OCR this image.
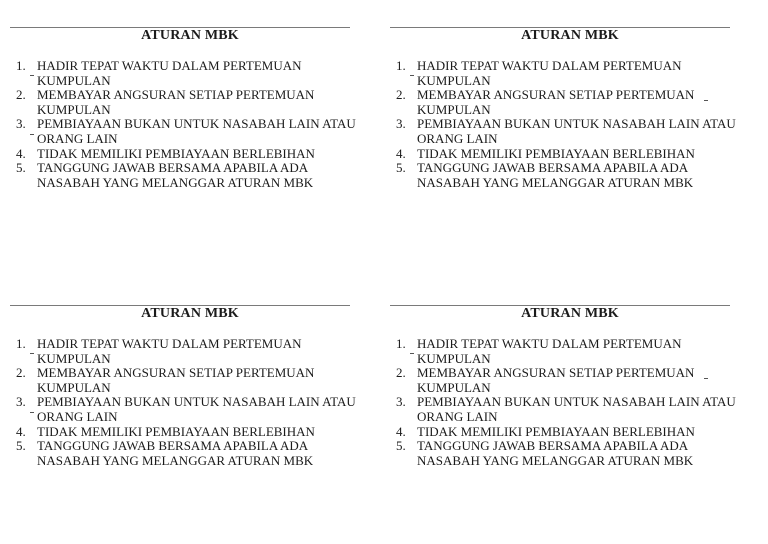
ATURAN MBK
1. HADIR TEPAT WAKTU DALAM PERTEMUAN
KUMPULAN
2. MEMBAYAR ANGSURAN SETIAP PERTEMUAN
KUMPULAN
3. PEMBIAYAAN BUKAN UNTUK NASABAH LAIN ATAU
ORANG LAIN
4. TIDAK MEMILIKI PEMBIAYAAN BERLEBIHAN
5. TANGGUNG JAWAB BERSAMA APABILA ADA
NASABAH YANG MELANGGAR ATURAN MBK
ATURAN MBK
1. HADIR TEPAT WAKTU DALAM PERTEMUAN
KUMPULAN
2. MEMBAYAR ANGSURAN SETIAP PERTEMUAN
KUMPULAN
3. PEMBIAYAAN BUKAN UNTUK NASABAH LAIN ATAU
ORANG LAIN
4. TIDAK MEMILIKI PEMBIAYAAN BERLEBIHAN
5. TANGGUNG JAWAB BERSAMA APABILA ADA
NASABAH YANG MELANGGAR ATURAN MBK
ATURAN MBK
1. HADIR TEPAT WAKTU DALAM PERTEMUAN
KUMPULAN
2. MEMBAYAR ANGSURAN SETIAP PERTEMUAN
KUMPULAN
3. PEMBIAYAAN BUKAN UNTUK NASABAH LAIN ATAU
ORANG LAIN
4. TIDAK MEMILIKI PEMBIAYAAN BERLEBIHAN
5. TANGGUNG JAWAB BERSAMA APABILA ADA
NASABAH YANG MELANGGAR ATURAN MBK
ATURAN MBK
1. HADIR TEPAT WAKTU DALAM PERTEMUAN
KUMPULAN
2. MEMBAYAR ANGSURAN SETIAP PERTEMUAN
KUMPULAN
3. PEMBIAYAAN BUKAN UNTUK NASABAH LAIN ATAU
ORANG LAIN
4. TIDAK MEMILIKI PEMBIAYAAN BERLEBIHAN
5. TANGGUNG JAWAB BERSAMA APABILA ADA
NASABAH YANG MELANGGAR ATURAN MBK
